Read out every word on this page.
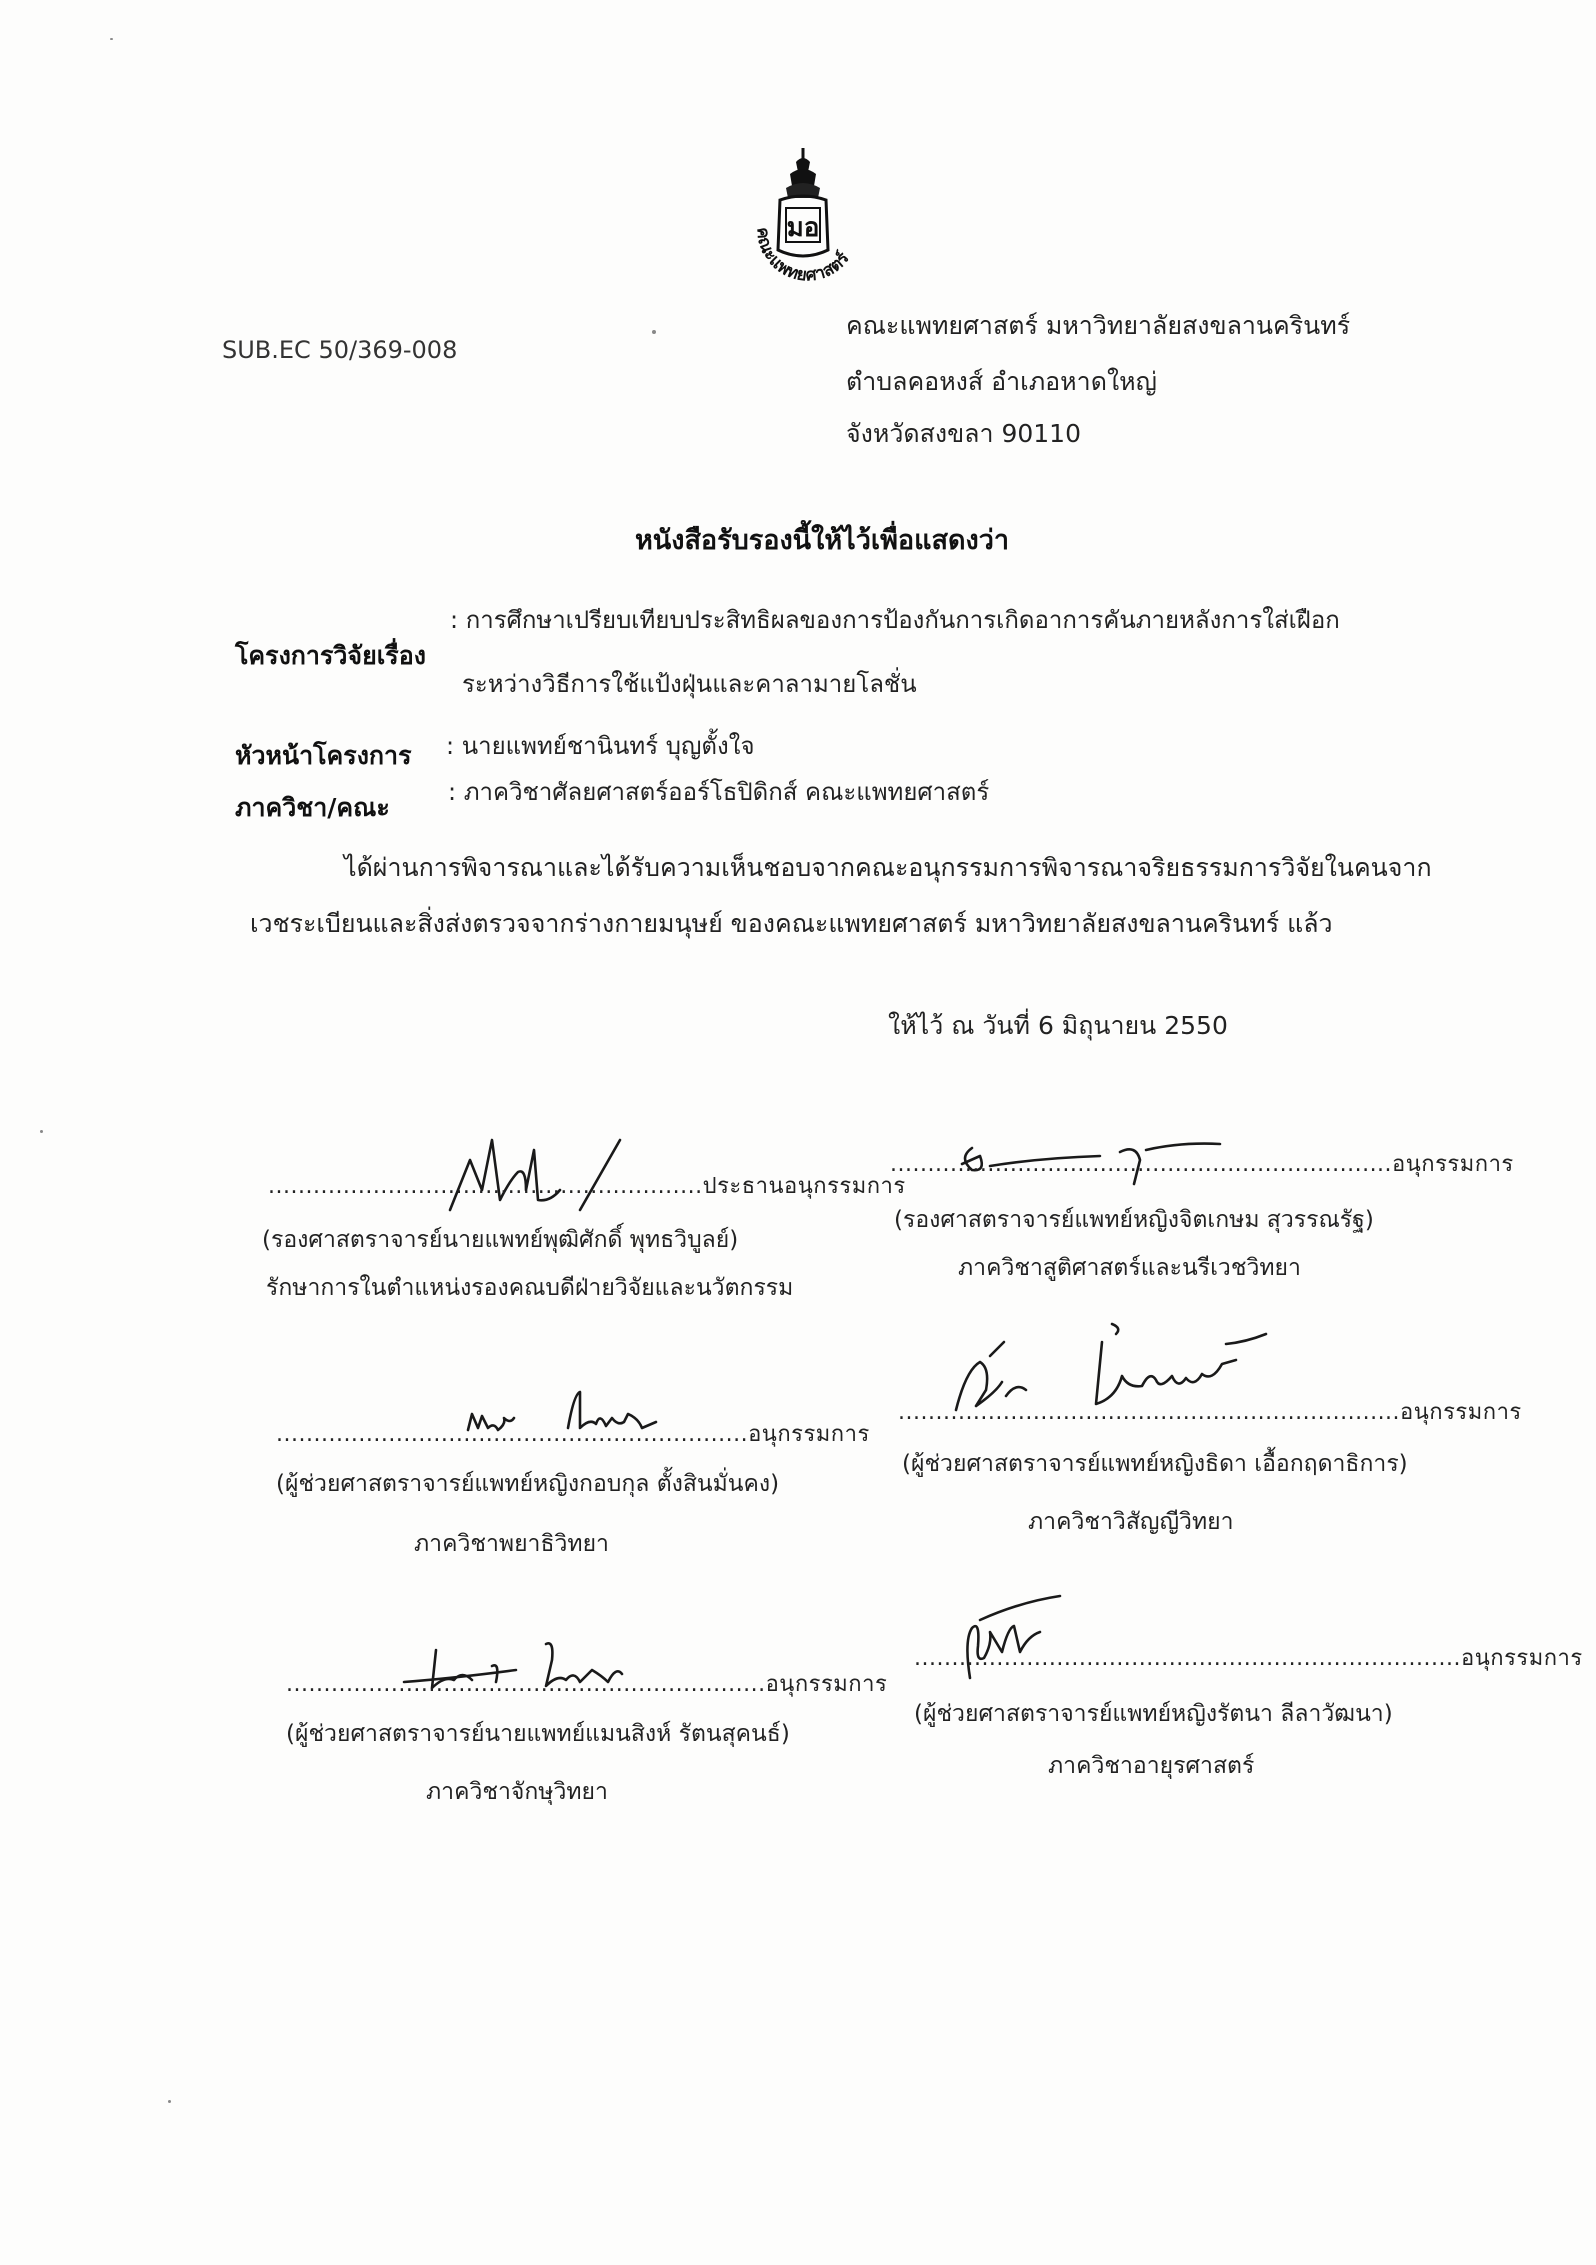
มอ
คณะแพทยศาสตร์
SUB.EC 50/369-008
คณะแพทยศาสตร์ มหาวิทยาลัยสงขลานครินทร์
ตำบลคอหงส์ อำเภอหาดใหญ่
จังหวัดสงขลา 90110
หนังสือรับรองนี้ให้ไว้เพื่อแสดงว่า
โครงการวิจัยเรื่อง
: การศึกษาเปรียบเทียบประสิทธิผลของการป้องกันการเกิดอาการคันภายหลังการใส่เฝือก
ระหว่างวิธีการใช้แป้งฝุ่นและคาลามายโลชั่น
หัวหน้าโครงการ : นายแพทย์ชานินทร์ บุญตั้งใจ
ภาควิชา/คณะ
: ภาควิชาศัลยศาสตร์ออร์โธปิดิกส์ คณะแพทยศาสตร์
ได้ผ่านการพิจารณาและได้รับความเห็นชอบจากคณะอนุกรรมการพิจารณาจริยธรรมการวิจัยในคนจาก
เวชระเบียนและสิ่งส่งตรวจจากร่างกายมนุษย์ ของคณะแพทยศาสตร์ มหาวิทยาลัยสงขลานครินทร์ แล้ว
ให้ไว้ ณ วันที่ 6 มิถุนายน 2550
..........................................................ประธานอนุกรรมการ
(รองศาสตราจารย์นายแพทย์พุฒิศักดิ์ พุทธวิบูลย์)
รักษาการในตำแหน่งรองคณบดีฝ่ายวิจัยและนวัตกรรม
...................................................................อนุกรรมการ
(รองศาสตราจารย์แพทย์หญิงจิตเกษม สุวรรณรัฐ)
ภาควิชาสูติศาสตร์และนรีเวชวิทยา
...............................................................อนุกรรมการ
(ผู้ช่วยศาสตราจารย์แพทย์หญิงกอบกุล ตั้งสินมั่นคง)
ภาควิชาพยาธิวิทยา
...................................................................อนุกรรมการ
(ผู้ช่วยศาสตราจารย์แพทย์หญิงธิดา เอื้อกฤดาธิการ)
ภาควิชาวิสัญญีวิทยา
................................................................อนุกรรมการ
(ผู้ช่วยศาสตราจารย์นายแพทย์แมนสิงห์ รัตนสุคนธ์)
ภาควิชาจักษุวิทยา
.........................................................................อนุกรรมการ
(ผู้ช่วยศาสตราจารย์แพทย์หญิงรัตนา ลีลาวัฒนา)
ภาควิชาอายุรศาสตร์
